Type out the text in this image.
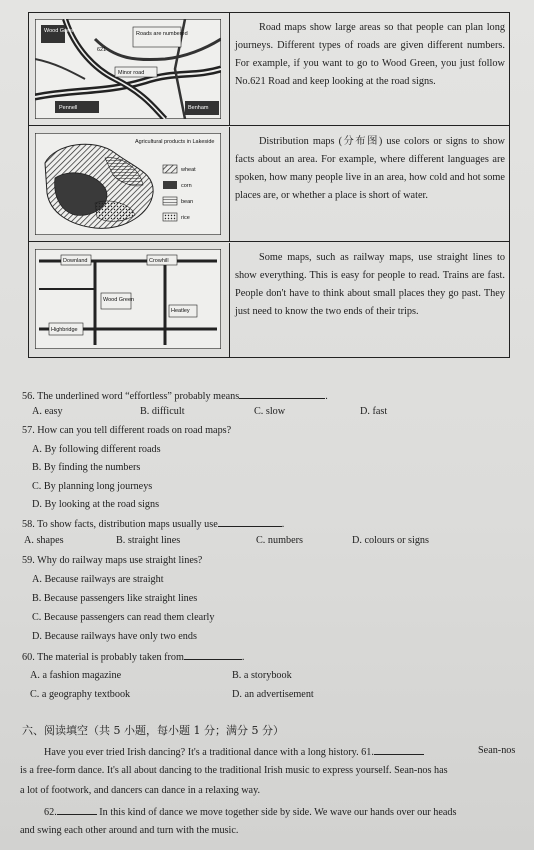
Wood Green	Roads are numbered
621
Minor road
Pennell	Benham
Road maps show large areas so that people can plan long journeys. Different types of roads are given different numbers. For example, if you want to go to Wood Green, you just follow No.621 Road and keep looking at the road signs.
Agricultural products in Lakeside
wheat
corn
bean
rice
Distribution maps (分布图) use colors or signs to show facts about an area. For example, where different languages are spoken, how many people live in an area, how cold and hot some places are, or whether a place is short of water.
Downland	Crowhill
Wood Green
Heatley
Highbridge
Some maps, such as railway maps, use straight lines to show everything. This is easy for people to read. Trains are fast. People don't have to think about small places they go past. They just need to know the two ends of their trips.
56. The underlined word “effortless” probably means	.
A. easy	B. difficult	C. slow	D. fast
57. How can you tell different roads on road maps?
A. By following different roads
B. By finding the numbers
C. By planning long journeys
D. By looking at the road signs
58. To show facts, distribution maps usually use	.
A. shapes	B. straight lines	C. numbers	D. colours or signs
59. Why do railway maps use straight lines?
A. Because railways are straight
B. Because passengers like straight lines
C. Because passengers can read them clearly
D. Because railways have only two ends
60. The material is probably taken from	.
A. a fashion magazine	B. a storybook
C. a geography textbook	D. an advertisement
六、阅读填空（共 5 小题，每小题 1 分；满分 5 分）
Have you ever tried Irish dancing? It's a traditional dance with a long history. 61.	Sean-nos
is a free-form dance. It's all about dancing to the traditional Irish music to express yourself. Sean-nos has
a lot of footwork, and dancers can dance in a relaxing way.
62.	In this kind of dance we move together side by side. We wave our hands over our heads
and swing each other around and turn with the music.
